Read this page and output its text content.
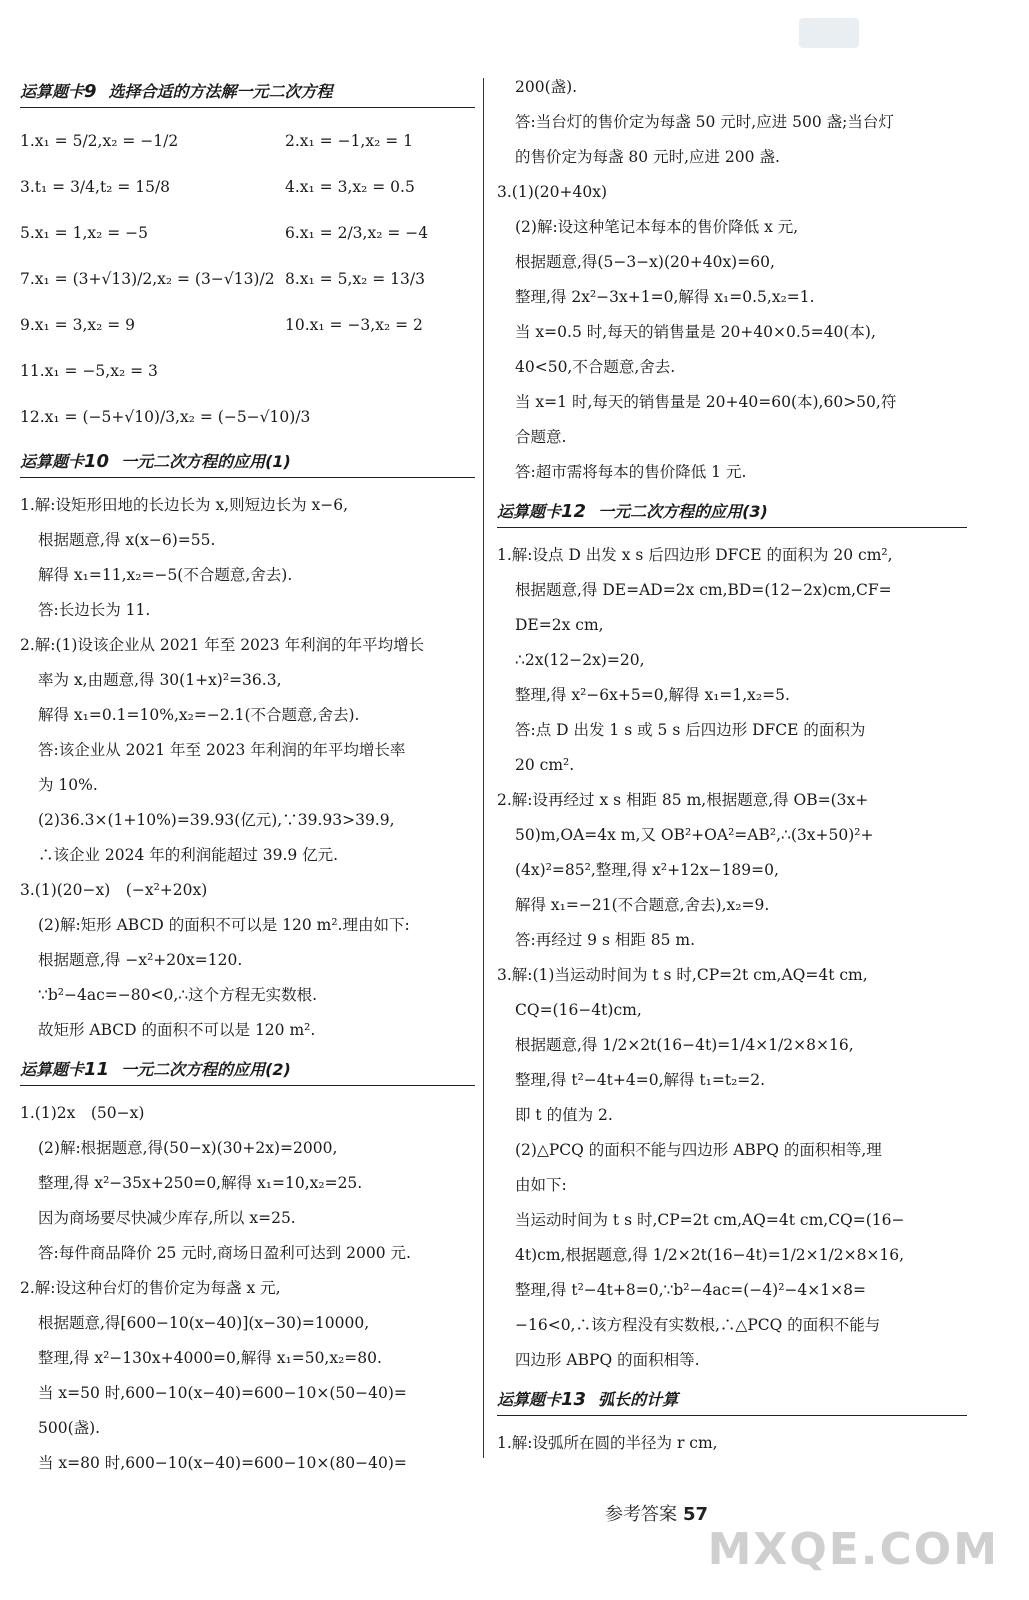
运算题卡9 选择合适的方法解一元二次方程
1.x₁ = 5/2,x₂ = −1/2	2.x₁ = −1,x₂ = 1
3.t₁ = 3/4,t₂ = 15/8	4.x₁ = 3,x₂ = 0.5
5.x₁ = 1,x₂ = −5	6.x₁ = 2/3,x₂ = −4
7.x₁ = (3+√13)/2,x₂ = (3−√13)/2 8.x₁ = 5,x₂ = 13/3
9.x₁ = 3,x₂ = 9	10.x₁ = −3,x₂ = 2
11.x₁ = −5,x₂ = 3
12.x₁ = (−5+√10)/3,x₂ = (−5−√10)/3
运算题卡10 一元二次方程的应用(1)
1.解:设矩形田地的长边长为 x,则短边长为 x−6,
根据题意,得 x(x−6)=55.
解得 x₁=11,x₂=−5(不合题意,舍去).
答:长边长为 11.
2.解:(1)设该企业从 2021 年至 2023 年利润的年平均增长
率为 x,由题意,得 30(1+x)²=36.3,
解得 x₁=0.1=10%,x₂=−2.1(不合题意,舍去).
答:该企业从 2021 年至 2023 年利润的年平均增长率
为 10%.
(2)36.3×(1+10%)=39.93(亿元),∵39.93>39.9,
∴该企业 2024 年的利润能超过 39.9 亿元.
3.(1)(20−x)　(−x²+20x)
(2)解:矩形 ABCD 的面积不可以是 120 m².理由如下:
根据题意,得 −x²+20x=120.
∵b²−4ac=−80<0,∴这个方程无实数根.
故矩形 ABCD 的面积不可以是 120 m².
运算题卡11 一元二次方程的应用(2)
1.(1)2x　(50−x)
(2)解:根据题意,得(50−x)(30+2x)=2000,
整理,得 x²−35x+250=0,解得 x₁=10,x₂=25.
因为商场要尽快减少库存,所以 x=25.
答:每件商品降价 25 元时,商场日盈利可达到 2000 元.
2.解:设这种台灯的售价定为每盏 x 元,
根据题意,得[600−10(x−40)](x−30)=10000,
整理,得 x²−130x+4000=0,解得 x₁=50,x₂=80.
当 x=50 时,600−10(x−40)=600−10×(50−40)=
500(盏).
当 x=80 时,600−10(x−40)=600−10×(80−40)=
200(盏).
答:当台灯的售价定为每盏 50 元时,应进 500 盏;当台灯
的售价定为每盏 80 元时,应进 200 盏.
3.(1)(20+40x)
(2)解:设这种笔记本每本的售价降低 x 元,
根据题意,得(5−3−x)(20+40x)=60,
整理,得 2x²−3x+1=0,解得 x₁=0.5,x₂=1.
当 x=0.5 时,每天的销售量是 20+40×0.5=40(本),
40<50,不合题意,舍去.
当 x=1 时,每天的销售量是 20+40=60(本),60>50,符
合题意.
答:超市需将每本的售价降低 1 元.
运算题卡12 一元二次方程的应用(3)
1.解:设点 D 出发 x s 后四边形 DFCE 的面积为 20 cm²,
根据题意,得 DE=AD=2x cm,BD=(12−2x)cm,CF=
DE=2x cm,
∴2x(12−2x)=20,
整理,得 x²−6x+5=0,解得 x₁=1,x₂=5.
答:点 D 出发 1 s 或 5 s 后四边形 DFCE 的面积为
20 cm².
2.解:设再经过 x s 相距 85 m,根据题意,得 OB=(3x+
50)m,OA=4x m,又 OB²+OA²=AB²,∴(3x+50)²+
(4x)²=85²,整理,得 x²+12x−189=0,
解得 x₁=−21(不合题意,舍去),x₂=9.
答:再经过 9 s 相距 85 m.
3.解:(1)当运动时间为 t s 时,CP=2t cm,AQ=4t cm,
CQ=(16−4t)cm,
根据题意,得 1/2×2t(16−4t)=1/4×1/2×8×16,
整理,得 t²−4t+4=0,解得 t₁=t₂=2.
即 t 的值为 2.
(2)△PCQ 的面积不能与四边形 ABPQ 的面积相等,理
由如下:
当运动时间为 t s 时,CP=2t cm,AQ=4t cm,CQ=(16−
4t)cm,根据题意,得 1/2×2t(16−4t)=1/2×1/2×8×16,
整理,得 t²−4t+8=0,∵b²−4ac=(−4)²−4×1×8=
−16<0,∴该方程没有实数根,∴△PCQ 的面积不能与
四边形 ABPQ 的面积相等.
运算题卡13 弧长的计算
1.解:设弧所在圆的半径为 r cm,
参考答案 57
MXQE.COM
